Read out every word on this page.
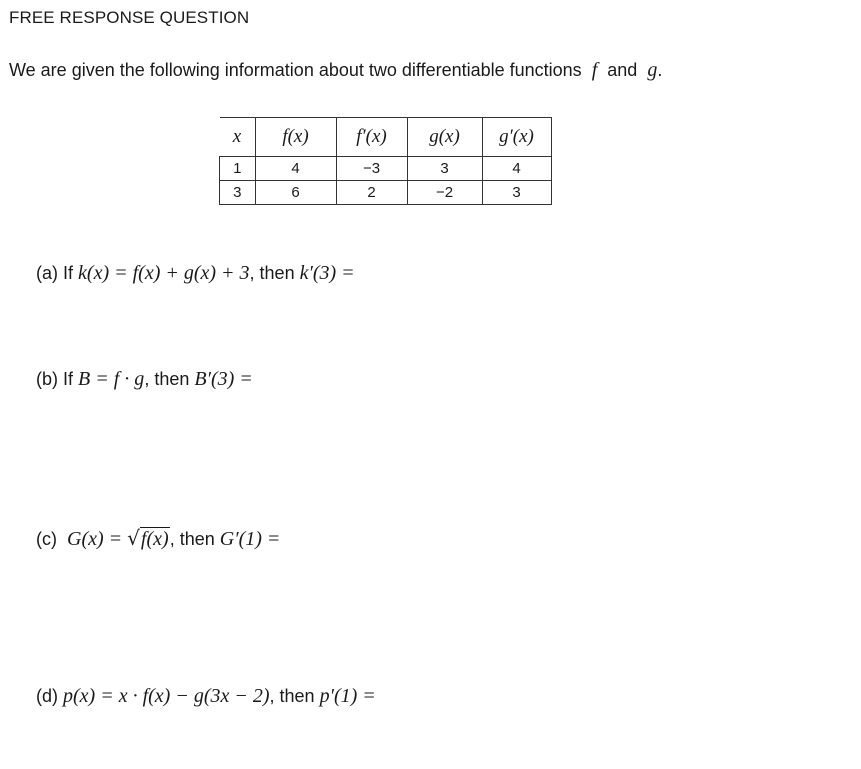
FREE RESPONSE QUESTION
We are given the following information about two differentiable functions f and g.
x	f(x)	f′(x)	g(x)	g′(x)
1	4	−3	3	4
3	6	2	−2	3
(a) If k(x) = f(x) + g(x) + 3, then k′(3) =
(b) If B = f · g, then B′(3) =
(c) G(x) = √f(x), then G′(1) =
(d) p(x) = x · f(x) − g(3x − 2), then p′(1) =
